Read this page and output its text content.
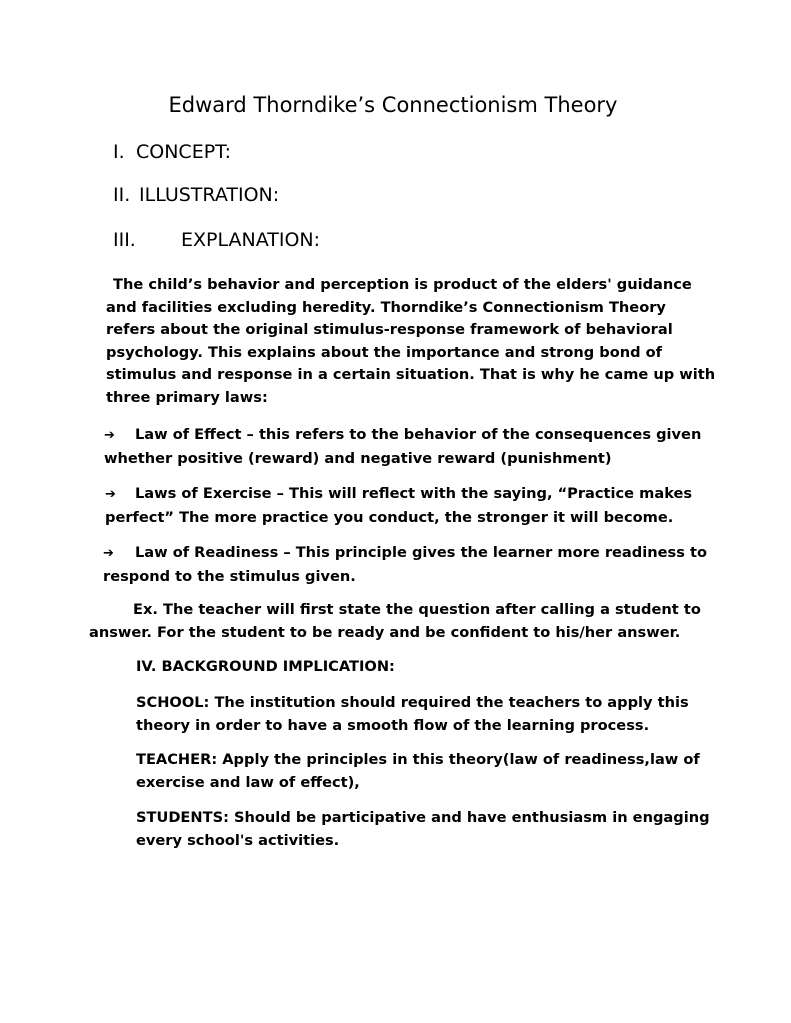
Edward Thorndike’s Connectionism Theory
I. CONCEPT:
II. ILLUSTRATION:
III. EXPLANATION:
The child’s behavior and perception is product of the elders' guidance
and facilities excluding heredity. Thorndike’s Connectionism Theory
refers about the original stimulus-response framework of behavioral
psychology. This explains about the importance and strong bond of
stimulus and response in a certain situation. That is why he came up with
three primary laws:
➔ Law of Effect – this refers to the behavior of the consequences given
whether positive (reward) and negative reward (punishment)
➔ Laws of Exercise – This will reflect with the saying, “Practice makes
perfect” The more practice you conduct, the stronger it will become.
➔ Law of Readiness – This principle gives the learner more readiness to
respond to the stimulus given.
Ex. The teacher will first state the question after calling a student to
answer. For the student to be ready and be confident to his/her answer.
IV. BACKGROUND IMPLICATION:
SCHOOL: The institution should required the teachers to apply this
theory in order to have a smooth flow of the learning process.
TEACHER: Apply the principles in this theory(law of readiness,law of
exercise and law of effect),
STUDENTS: Should be participative and have enthusiasm in engaging
every school's activities.
